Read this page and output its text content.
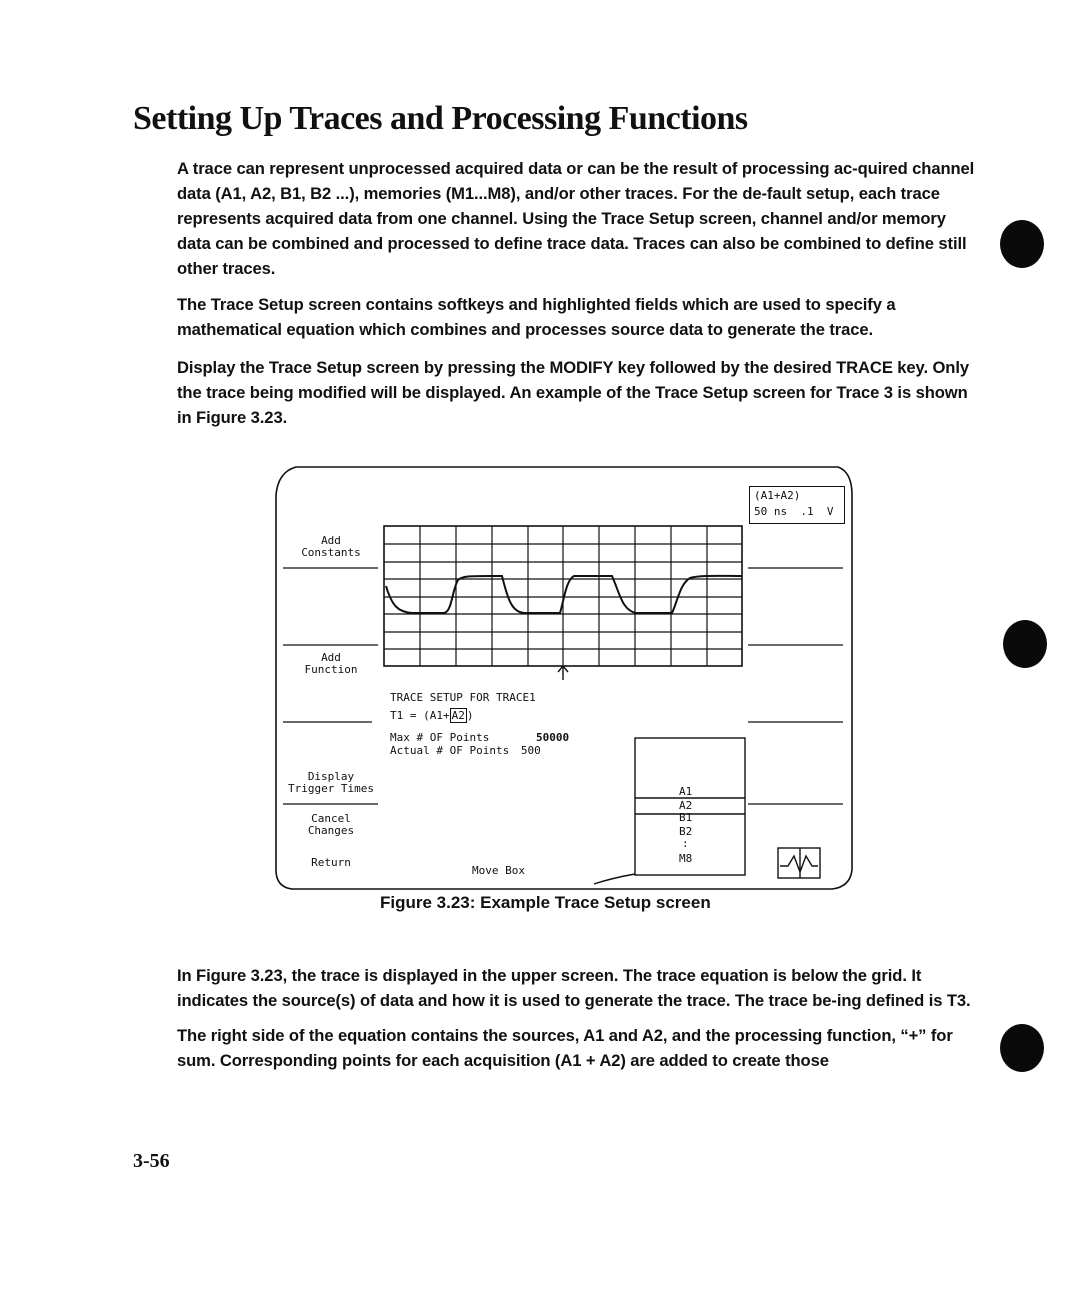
Setting Up Traces and Processing Functions

A trace can represent unprocessed acquired data or can be the result of processing ac-quired channel data (A1, A2, B1, B2 ...), memories (M1...M8), and/or other traces. For the de-fault setup, each trace represents acquired data from one channel. Using the Trace Setup screen, channel and/or memory data can be combined and processed to define trace data. Traces can also be combined to define still other traces.

The Trace Setup screen contains softkeys and highlighted fields which are used to specify a mathematical equation which combines and processes source data to generate the trace.

Display the Trace Setup screen by pressing the MODIFY key followed by the desired TRACE key. Only the trace being modified will be displayed. An example of the Trace Setup screen for Trace 3 is shown in Figure 3.23.

In Figure 3.23, the trace is displayed in the upper screen. The trace equation is below the grid. It indicates the source(s) of data and how it is used to generate the trace. The trace be-ing defined is T3.

The right side of the equation contains the sources, A1 and A2, and the processing function, “+” for sum. Corresponding points for each acquisition (A1 + A2) are added to create those

3-56
(A1+A2)
50 ns  .1  V
Add
Constants
Add
Function
Display
Trigger Times
Cancel
Changes
Return
TRACE SETUP FOR TRACE1
T1 = (A1+ A2 )
Max # OF Points	50000
Actual # OF Points 500
A1
A2
B1
B2
:
M8
Move Box
Figure 3.23: Example Trace Setup screen
